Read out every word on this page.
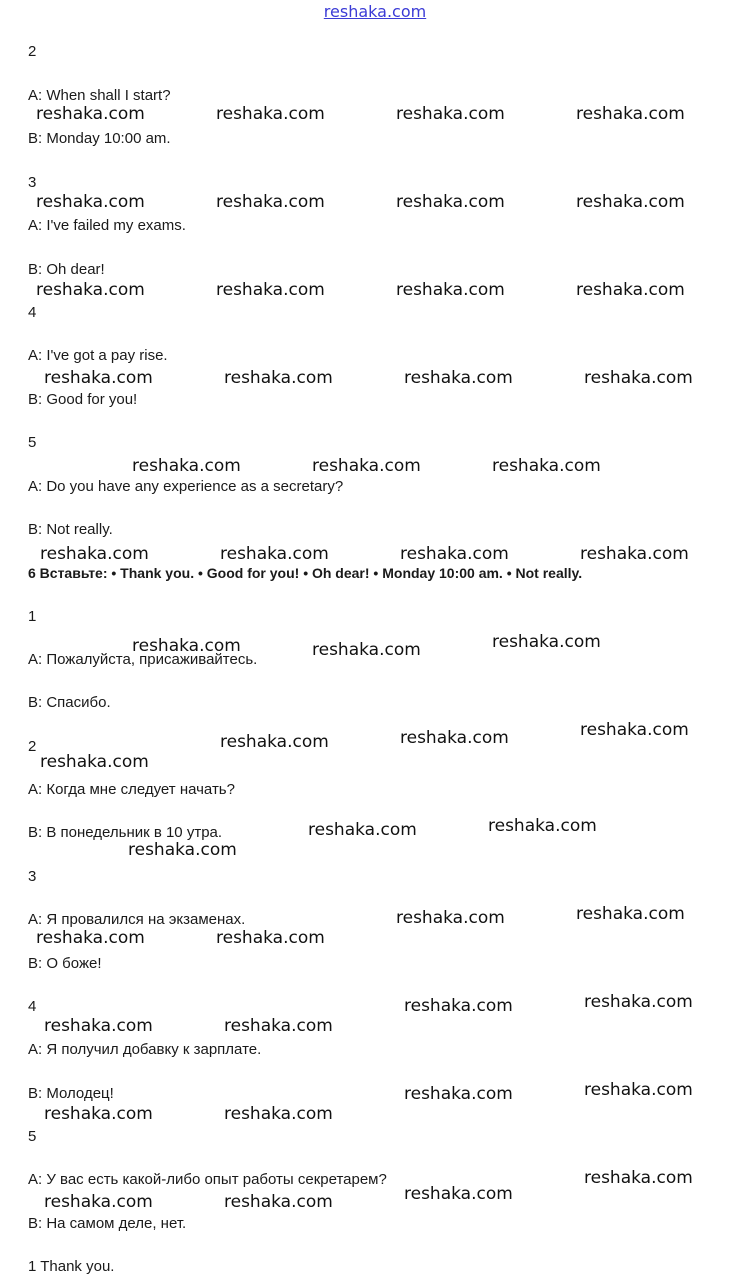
reshaka.com
2
A: When shall I start?
B: Monday 10:00 am.
3
A: I've failed my exams.
B: Oh dear!
4
A: I've got a pay rise.
B: Good for you!
5
A: Do you have any experience as a secretary?
B: Not really.
6 Вставьте: • Thank you. • Good for you! • Oh dear! • Monday 10:00 am. • Not really.
1
А: Пожалуйста, присаживайтесь.
В: Спасибо.
2
А: Когда мне следует начать?
В: В понедельник в 10 утра.
3
А: Я провалился на экзаменах.
В: О боже!
4
А: Я получил добавку к зарплате.
В: Молодец!
5
А: У вас есть какой-либо опыт работы секретарем?
В: На самом деле, нет.
1 Thank you.
reshaka.com	reshaka.com	reshaka.com	reshaka.com
reshaka.com	reshaka.com	reshaka.com	reshaka.com
reshaka.com	reshaka.com	reshaka.com	reshaka.com
reshaka.com	reshaka.com	reshaka.com	reshaka.com
reshaka.com	reshaka.com	reshaka.com
reshaka.com	reshaka.com	reshaka.com	reshaka.com
reshaka.com	reshaka.com	reshaka.com
reshaka.com
reshaka.com	reshaka.com
reshaka.com
reshaka.com	reshaka.com
reshaka.com
reshaka.com	reshaka.com
reshaka.com	reshaka.com
reshaka.com	reshaka.com
reshaka.com	reshaka.com
reshaka.com	reshaka.com
reshaka.com	reshaka.com
reshaka.com
reshaka.com
reshaka.com	reshaka.com
